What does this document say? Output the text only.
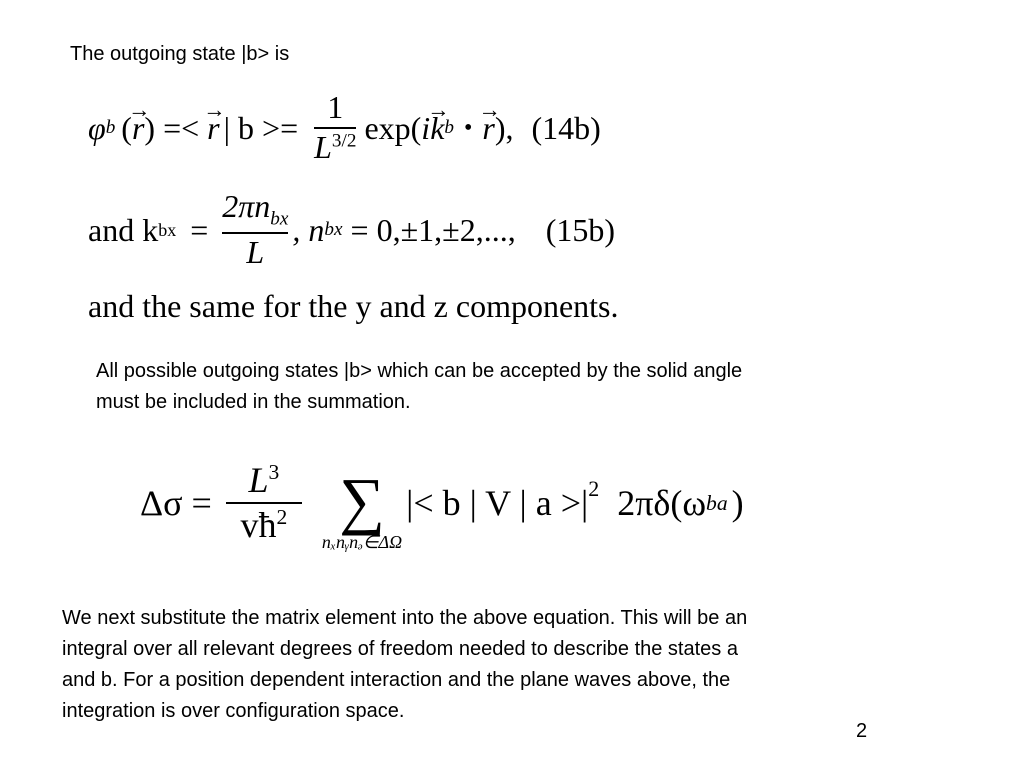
The outgoing state |b> is
φ b ( → r ) =< → r | $b >= \frac{1}{L^{3/2}} \exp$( i → k b • → r ), (14b)
and k bx = $\frac{2\pi n_{bx}}{L}$ , n bx = 0,±1,±2,..., (15b)
and the same for the y and z components.
All possible outgoing states |b> which can be accepted by the solid angle
must be included in the summation.
$\Delta\sigma = \frac{L^3}{vħ^2}$ ∑
nₓnᵧnₔ∈ΔΩ
|< b | V | $a >|^2$ 2πδ(ω ba )
We next substitute the matrix element into the above equation. This will be an
integral over all relevant degrees of freedom needed to describe the states a
and b. For a position dependent interaction and the plane waves above, the
integration is over configuration space.
2
